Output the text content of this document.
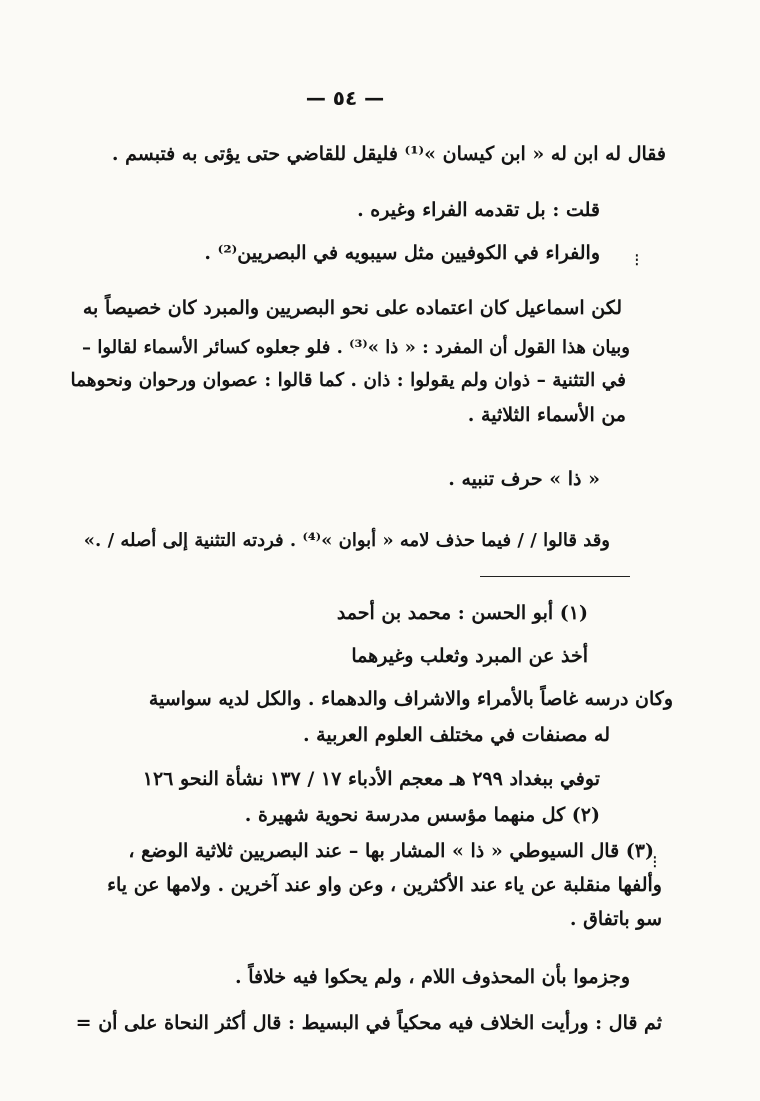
— ٥٤ —
فقال له ابن له « ابن كيسان »⁽¹⁾ فليقل للقاضي حتى يؤتى به فتبسم .
قلت : بل تقدمه الفراء وغيره .
والفراء في الكوفيين مثل سيبويه في البصريين⁽²⁾ .
لكن اسماعيل كان اعتماده على نحو البصريين والمبرد كان خصيصاً به
وبيان هذا القول أن المفرد : « ذا »⁽³⁾ . فلو جعلوه كسائر الأسماء لقالوا –
في التثنية – ذوان ولم يقولوا : ذان . كما قالوا : عصوان ورحوان ونحوهما
من الأسماء الثلاثية .
« ذا » حرف تنبيه .
وقد قالوا / / فيما حذف لامه « أبوان »⁽⁴⁾ . فردته التثنية إلى أصله / .»
(١) أبو الحسن : محمد بن أحمد
أخذ عن المبرد وثعلب وغيرهما
وكان درسه غاصاً بالأمراء والاشراف والدهماء . والكل لديه سواسية
له مصنفات في مختلف العلوم العربية .
توفي ببغداد ٢٩٩ هـ معجم الأدباء ١٧ / ١٣٧ نشأة النحو ١٢٦
(٢) كل منهما مؤسس مدرسة نحوية شهيرة .
(٣) قال السيوطي « ذا » المشار بها – عند البصريين ثلاثية الوضع ،
وألفها منقلبة عن ياء عند الأكثرين ، وعن واو عند آخرين . ولامها عن ياء
سو باتفاق .
وجزموا بأن المحذوف اللام ، ولم يحكوا فيه خلافاً .
ثم قال : ورأيت الخلاف فيه محكياً في البسيط : قال أكثر النحاة على أن =
⁝
⁝
